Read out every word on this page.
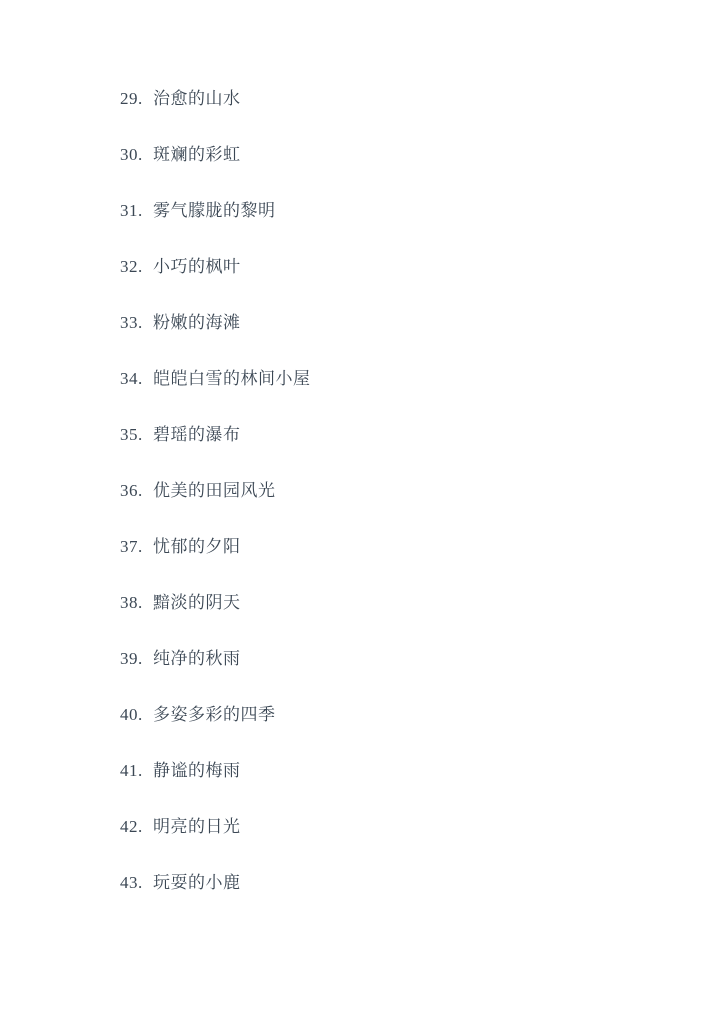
29. 治愈的山水
30. 斑斓的彩虹
31. 雾气朦胧的黎明
32. 小巧的枫叶
33. 粉嫩的海滩
34. 皑皑白雪的林间小屋
35. 碧瑶的瀑布
36. 优美的田园风光
37. 忧郁的夕阳
38. 黯淡的阴天
39. 纯净的秋雨
40. 多姿多彩的四季
41. 静谧的梅雨
42. 明亮的日光
43. 玩耍的小鹿
